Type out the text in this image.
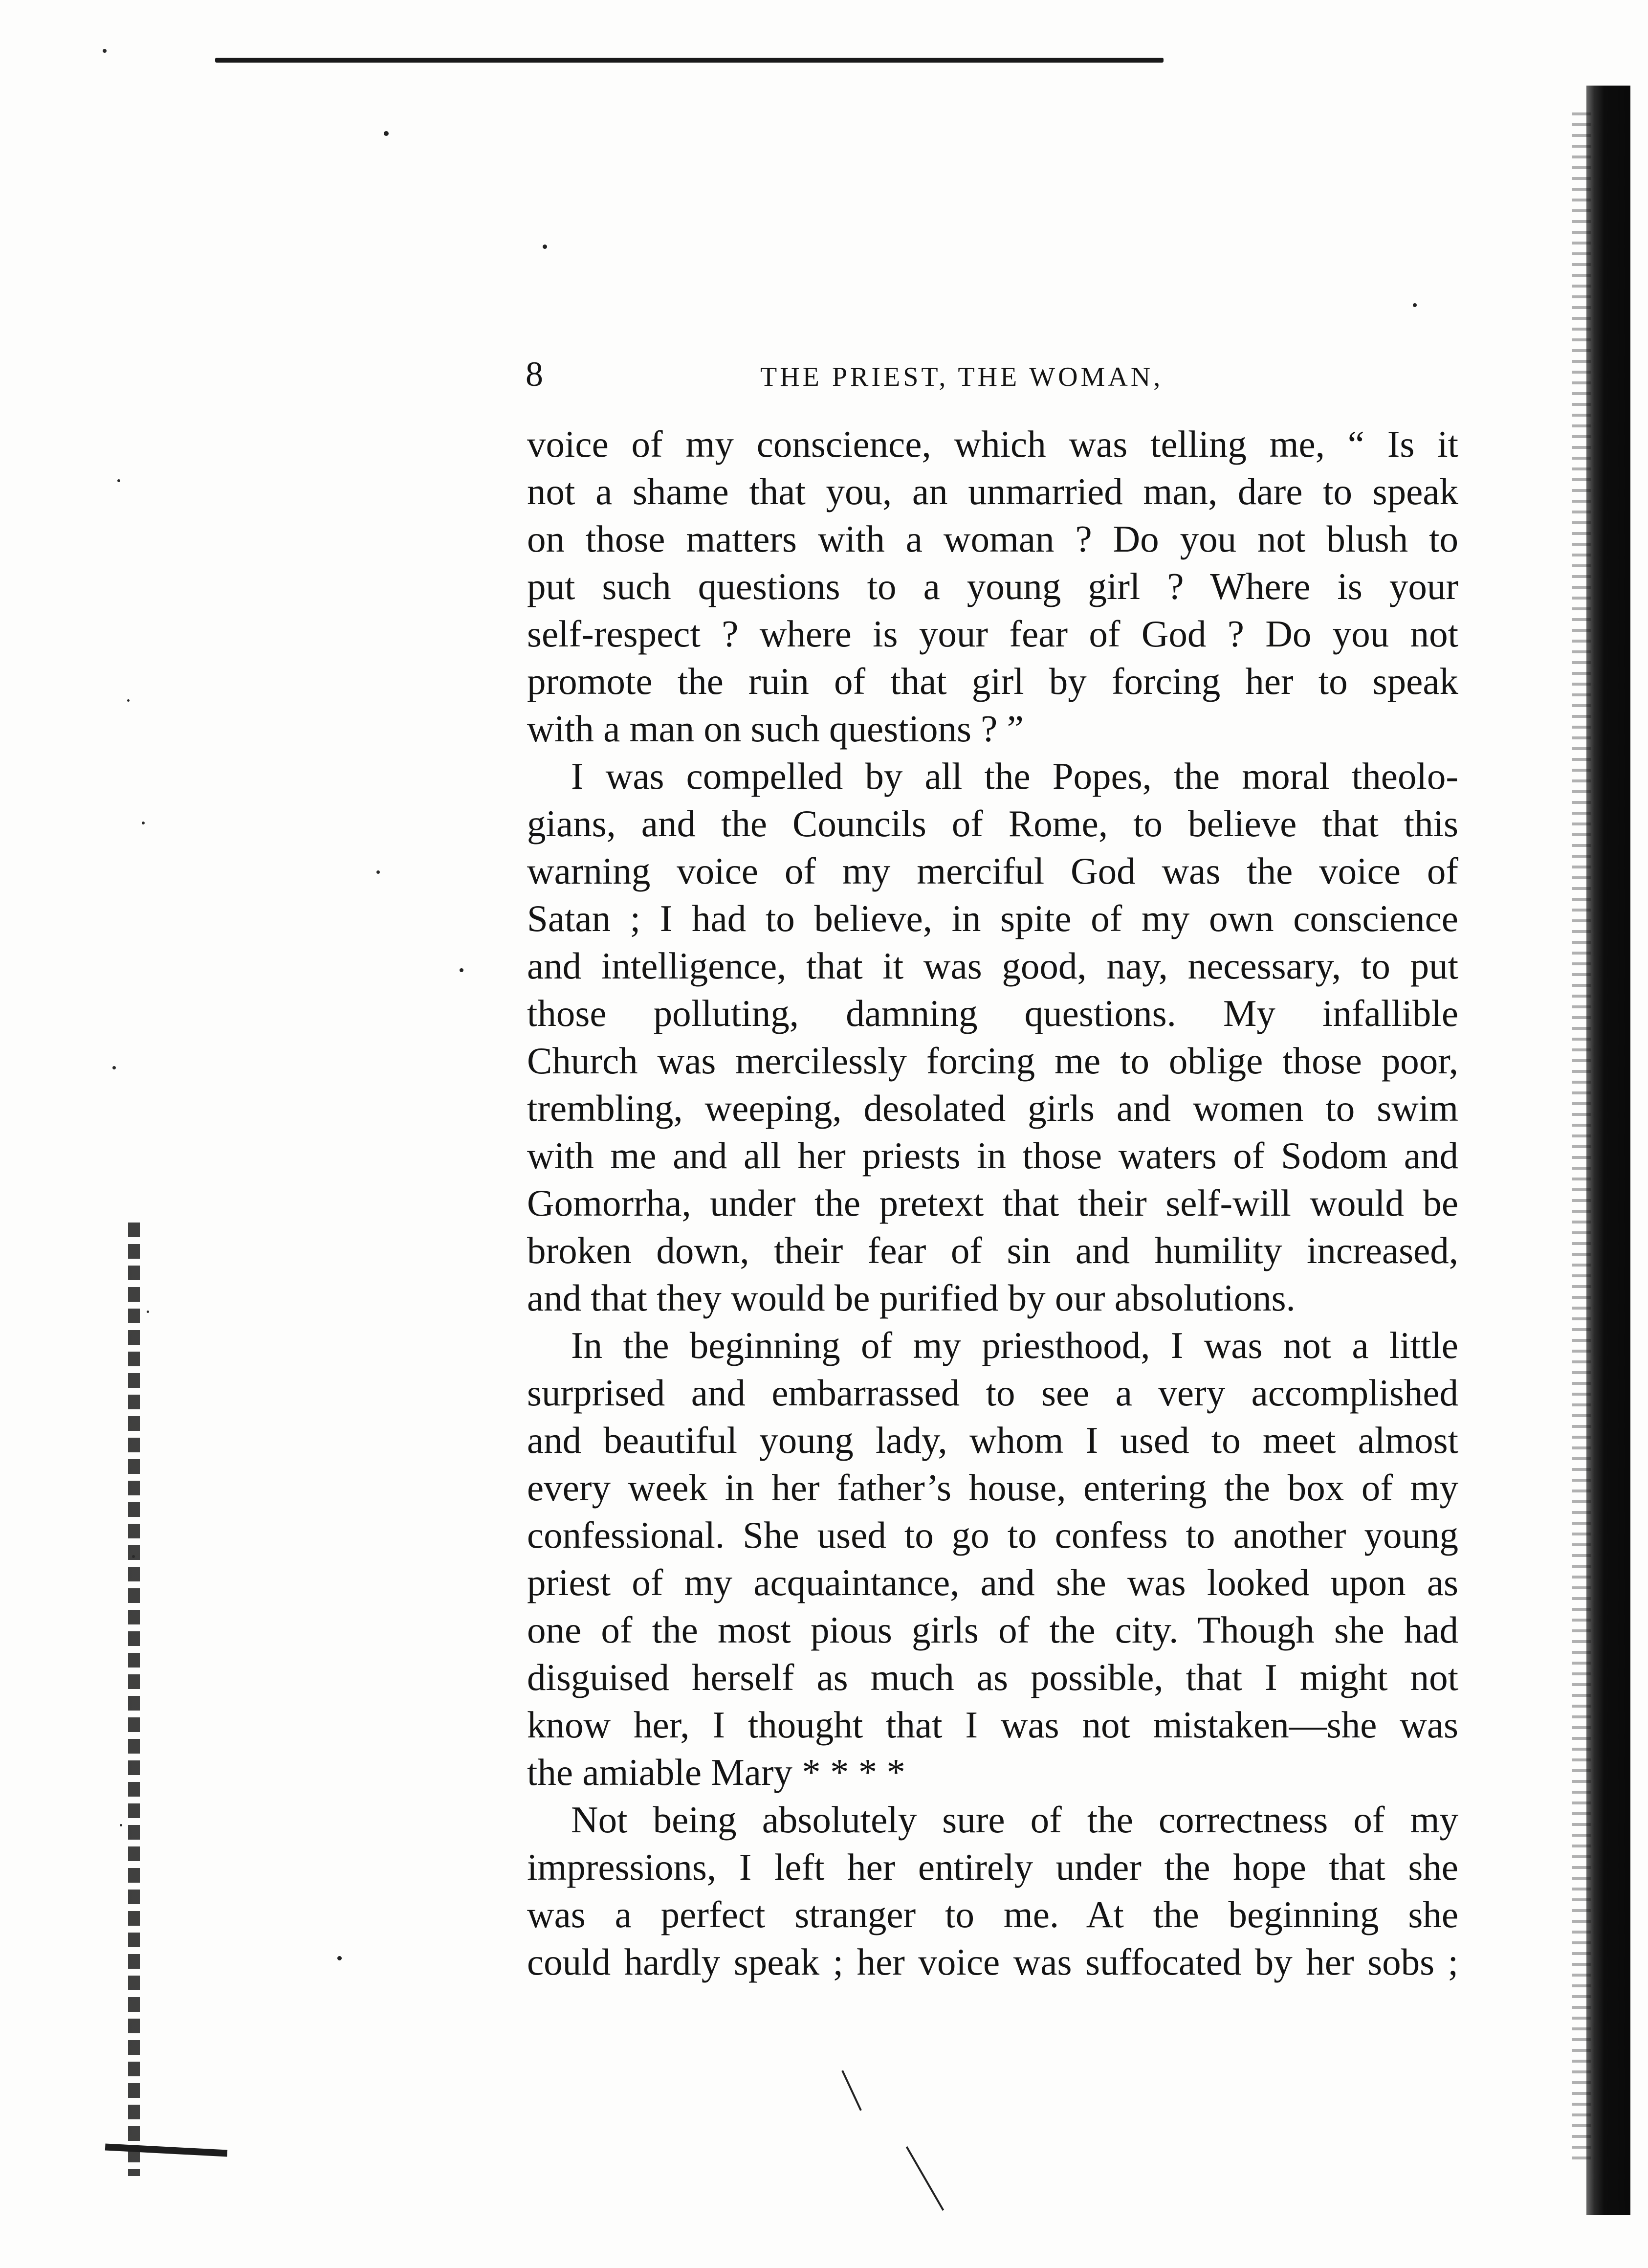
8	THE PRIEST, THE WOMAN,
voice of my conscience, which was telling me, “ Is it
not a shame that you, an unmarried man, dare to speak
on those matters with a woman ? Do you not blush to
put such questions to a young girl ? Where is your
self-respect ? where is your fear of God ? Do you not
promote the ruin of that girl by forcing her to speak
with a man on such questions ? ”
I was compelled by all the Popes, the moral theolo-
gians, and the Councils of Rome, to believe that this
warning voice of my merciful God was the voice of
Satan ; I had to believe, in spite of my own conscience
and intelligence, that it was good, nay, necessary, to put
those polluting, damning questions. My infallible
Church was mercilessly forcing me to oblige those poor,
trembling, weeping, desolated girls and women to swim
with me and all her priests in those waters of Sodom and
Gomorrha, under the pretext that their self-will would be
broken down, their fear of sin and humility increased,
and that they would be purified by our absolutions.
In the beginning of my priesthood, I was not a little
surprised and embarrassed to see a very accomplished
and beautiful young lady, whom I used to meet almost
every week in her father’s house, entering the box of my
confessional. She used to go to confess to another young
priest of my acquaintance, and she was looked upon as
one of the most pious girls of the city. Though she had
disguised herself as much as possible, that I might not
know her, I thought that I was not mistaken—she was
the amiable Mary * * * *
Not being absolutely sure of the correctness of my
impressions, I left her entirely under the hope that she
was a perfect stranger to me. At the beginning she
could hardly speak ; her voice was suffocated by her sobs ;
